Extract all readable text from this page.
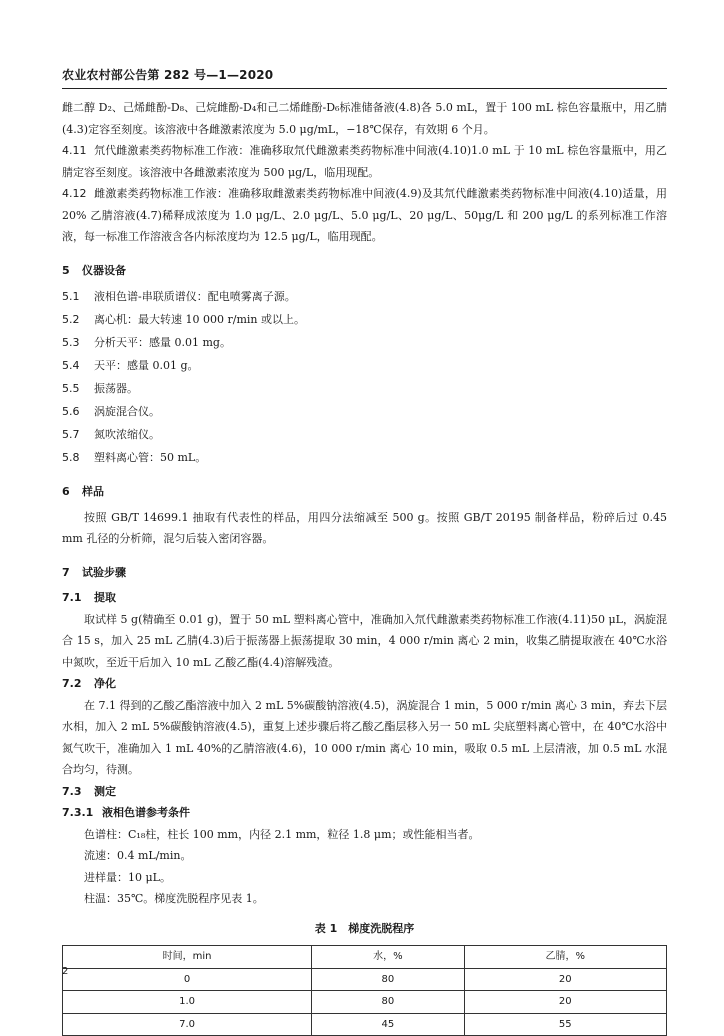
农业农村部公告第 282 号—1—2020

雌二醇 D₂、己烯雌酚-D₈、己烷雌酚-D₄和己二烯雌酚-D₆标准储备液(4.8)各 5.0 mL，置于 100 mL 棕色容量瓶中，用乙腈(4.3)定容至刻度。该溶液中各雌激素浓度为 5.0 μg/mL，−18℃保存，有效期 6 个月。

4.11 氘代雌激素类药物标准工作液：准确移取氘代雌激素类药物标准中间液(4.10)1.0 mL 于 10 mL 棕色容量瓶中，用乙腈定容至刻度。该溶液中各雌激素浓度为 500 μg/L，临用现配。

4.12 雌激素类药物标准工作液：准确移取雌激素类药物标准中间液(4.9)及其氘代雌激素类药物标准中间液(4.10)适量，用 20% 乙腈溶液(4.7)稀释成浓度为 1.0 μg/L、2.0 μg/L、5.0 μg/L、20 μg/L、50μg/L 和 200 μg/L 的系列标准工作溶液，每一标准工作溶液含各内标浓度均为 12.5 μg/L，临用现配。

5 仪器设备

5.1 液相色谱-串联质谱仪：配电喷雾离子源。

5.2 离心机：最大转速 10 000 r/min 或以上。

5.3 分析天平：感量 0.01 mg。

5.4 天平：感量 0.01 g。

5.5 振荡器。

5.6 涡旋混合仪。

5.7 氮吹浓缩仪。

5.8 塑料离心管：50 mL。

6 样品

按照 GB/T 14699.1 抽取有代表性的样品，用四分法缩减至 500 g。按照 GB/T 20195 制备样品，粉碎后过 0.45 mm 孔径的分析筛，混匀后装入密闭容器。

7 试验步骤

7.1 提取

取试样 5 g(精确至 0.01 g)，置于 50 mL 塑料离心管中，准确加入氘代雌激素类药物标准工作液(4.11)50 μL，涡旋混合 15 s，加入 25 mL 乙腈(4.3)后于振荡器上振荡提取 30 min，4 000 r/min 离心 2 min，收集乙腈提取液在 40℃水浴中氮吹，至近干后加入 10 mL 乙酸乙酯(4.4)溶解残渣。

7.2 净化

在 7.1 得到的乙酸乙酯溶液中加入 2 mL 5%碳酸钠溶液(4.5)，涡旋混合 1 min，5 000 r/min 离心 3 min，弃去下层水相，加入 2 mL 5%碳酸钠溶液(4.5)，重复上述步骤后将乙酸乙酯层移入另一 50 mL 尖底塑料离心管中，在 40℃水浴中氮气吹干，准确加入 1 mL 40%的乙腈溶液(4.6)，10 000 r/min 离心 10 min，吸取 0.5 mL 上层清液，加 0.5 mL 水混合均匀，待测。

7.3 测定

7.3.1 液相色谱参考条件

色谱柱：C₁₈柱，柱长 100 mm，内径 2.1 mm，粒径 1.8 μm；或性能相当者。

流速：0.4 mL/min。

进样量：10 μL。

柱温：35℃。梯度洗脱程序见表 1。

表 1　梯度洗脱程序

时间，min	水，%	乙腈，%
0	80	20
1.0	80	20
7.0	45	55
2
